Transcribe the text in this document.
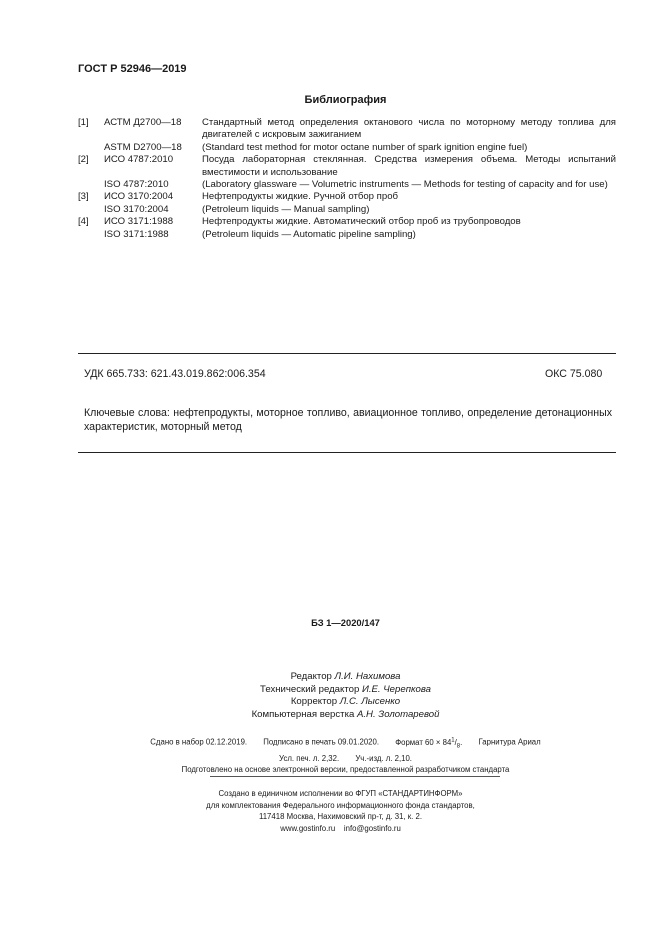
ГОСТ Р 52946—2019
Библиография
[1]	АСТМ Д2700—18	Стандартный метод определения октанового числа по моторному методу топлива для двигателей с искровым зажиганием
ASTM D2700—18	(Standard test method for motor octane number of spark ignition engine fuel)
[2]	ИСО 4787:2010	Посуда лабораторная стеклянная. Средства измерения объема. Методы испытаний вместимости и использование
ISO 4787:2010	(Laboratory glassware — Volumetric instruments — Methods for testing of capacity and for use)
[3]	ИСО 3170:2004	Нефтепродукты жидкие. Ручной отбор проб
ISO 3170:2004	(Petroleum liquids — Manual sampling)
[4]	ИСО 3171:1988	Нефтепродукты жидкие. Автоматический отбор проб из трубопроводов
ISO 3171:1988	(Petroleum liquids — Automatic pipeline sampling)
УДК 665.733: 621.43.019.862:006.354	ОКС 75.080
Ключевые слова: нефтепродукты, моторное топливо, авиационное топливо, определение детонационных характеристик, моторный метод
БЗ 1—2020/147
Редактор Л.И. Нахимова
Технический редактор И.Е. Черепкова
Корректор Л.С. Лысенко
Компьютерная верстка А.Н. Золотаревой
Сдано в набор 02.12.2019. Подписано в печать 09.01.2020. Формат $60 \times 84^1/_8$. Гарнитура Ариал
Усл. печ. л. 2,32. Уч.-изд. л. 2,10.
Подготовлено на основе электронной версии, предоставленной разработчиком стандарта
Создано в единичном исполнении во ФГУП «СТАНДАРТИНФОРМ»
для комплектования Федерального информационного фонда стандартов,
117418 Москва, Нахимовский пр-т, д. 31, к. 2.
www.gostinfo.ru info@gostinfo.ru
